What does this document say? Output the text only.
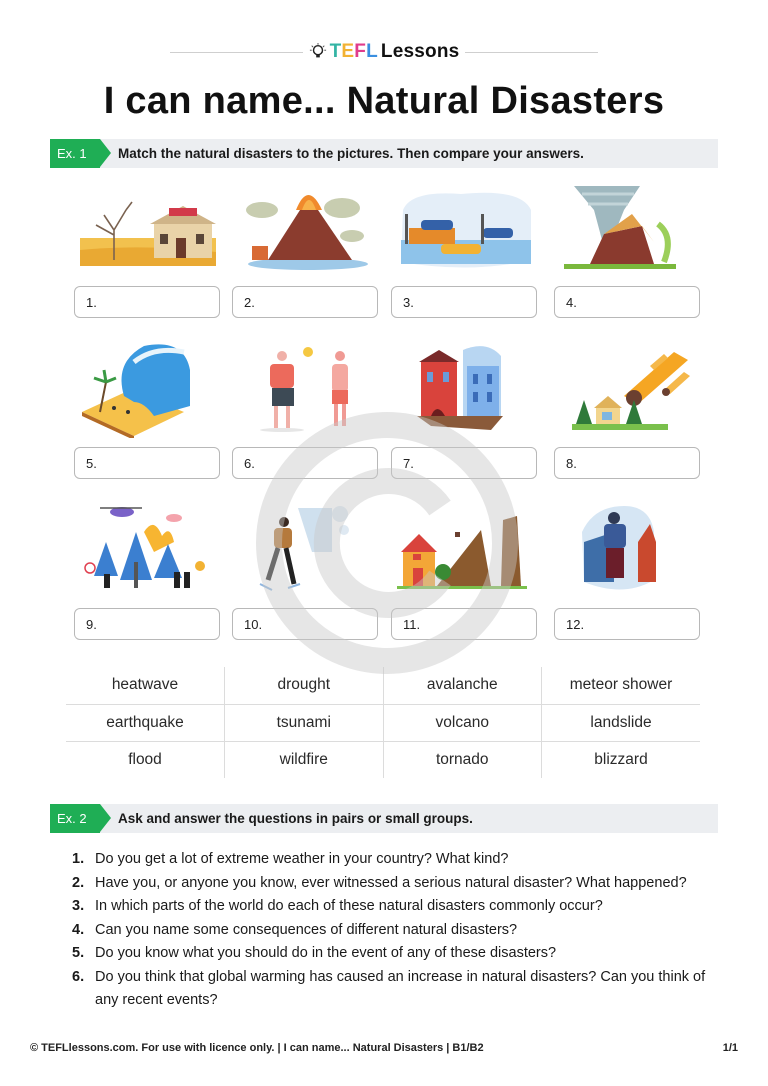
T E F L Lessons
I can name... Natural Disasters
Ex. 1	Match the natural disasters to the pictures. Then compare your answers.
1.	2.	3.	4.
5.	6.	7.	8.
9.	10.	11.	12.
heatwave	drought	avalanche	meteor shower
earthquake	tsunami	volcano	landslide
flood	wildfire	tornado	blizzard
Ex. 2	Ask and answer the questions in pairs or small groups.
1. Do you get a lot of extreme weather in your country? What kind?
2. Have you, or anyone you know, ever witnessed a serious natural disaster? What happened?
3. In which parts of the world do each of these natural disasters commonly occur?
4. Can you name some consequences of different natural disasters?
5. Do you know what you should do in the event of any of these disasters?
6. Do you think that global warming has caused an increase in natural disasters? Can you think of any recent events?
© TEFLlessons.com. For use with licence only. | I can name... Natural Disasters | B1/B2	1/1
